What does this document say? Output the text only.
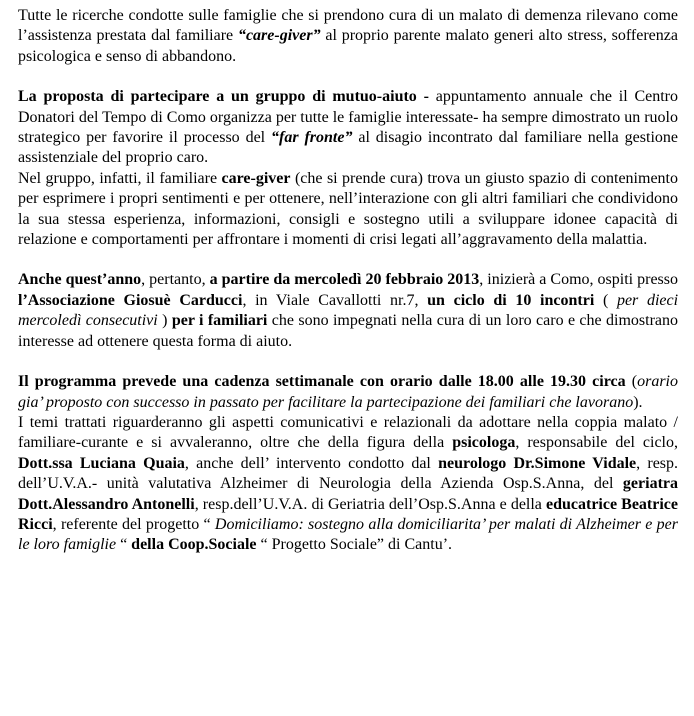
Tutte le ricerche condotte sulle famiglie che si prendono cura di un malato di demenza rilevano come l’assistenza prestata dal familiare “care-giver” al proprio parente malato generi alto stress, sofferenza psicologica e senso di abbandono.

La proposta di partecipare a un gruppo di mutuo-aiuto - appuntamento annuale che il Centro Donatori del Tempo di Como organizza per tutte le famiglie interessate- ha sempre dimostrato un ruolo strategico per favorire il processo del “far fronte” al disagio incontrato dal familiare nella gestione assistenziale del proprio caro.

Nel gruppo, infatti, il familiare care-giver (che si prende cura) trova un giusto spazio di contenimento per esprimere i propri sentimenti e per ottenere, nell’interazione con gli altri familiari che condividono la sua stessa esperienza, informazioni, consigli e sostegno utili a sviluppare idonee capacità di relazione e comportamenti per affrontare i momenti di crisi legati all’aggravamento della malattia.

Anche quest’anno, pertanto, a partire da mercoledì 20 febbraio 2013, inizierà a Como, ospiti presso l’Associazione Giosuè Carducci, in Viale Cavallotti nr.7, un ciclo di 10 incontri ( per dieci mercoledì consecutivi ) per i familiari che sono impegnati nella cura di un loro caro e che dimostrano interesse ad ottenere questa forma di aiuto.

Il programma prevede una cadenza settimanale con orario dalle 18.00 alle 19.30 circa (orario gia’ proposto con successo in passato per facilitare la partecipazione dei familiari che lavorano).

I temi trattati riguarderanno gli aspetti comunicativi e relazionali da adottare nella coppia malato / familiare-curante e si avvaleranno, oltre che della figura della psicologa, responsabile del ciclo, Dott.ssa Luciana Quaia, anche dell’ intervento condotto dal neurologo Dr.Simone Vidale, resp. dell’U.V.A.- unità valutativa Alzheimer di Neurologia della Azienda Osp.S.Anna, del geriatra Dott.Alessandro Antonelli, resp.dell’U.V.A. di Geriatria dell’Osp.S.Anna e della educatrice Beatrice Ricci, referente del progetto “ Domiciliamo: sostegno alla domiciliarita’ per malati di Alzheimer e per le loro famiglie “ della Coop.Sociale “ Progetto Sociale” di Cantu’.
